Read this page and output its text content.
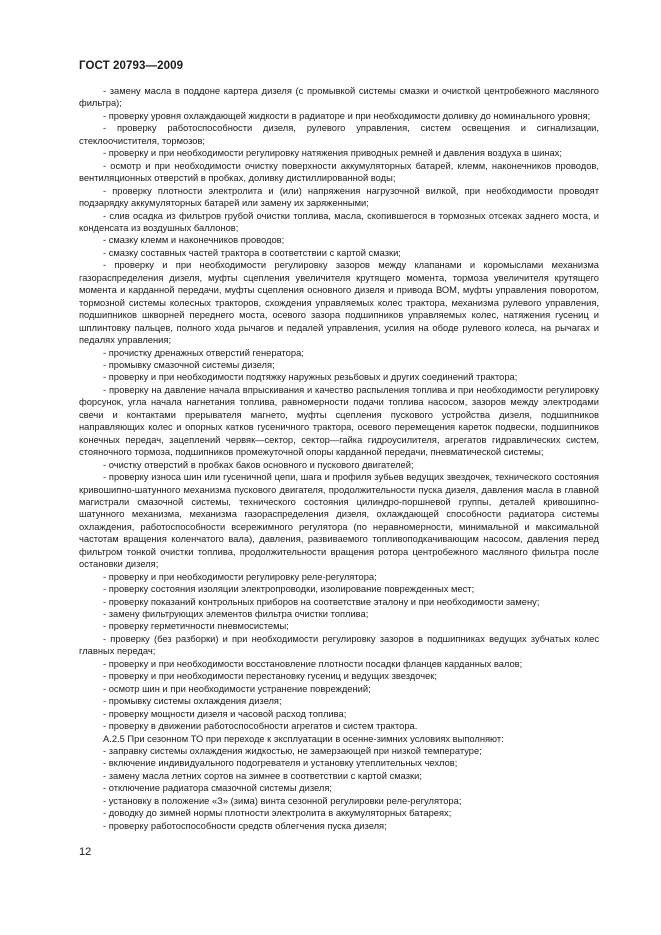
ГОСТ 20793—2009

- замену масла в поддоне картера дизеля (с промывкой системы смазки и очисткой центробежного масляного фильтра);

- проверку уровня охлаждающей жидкости в радиаторе и при необходимости доливку до номинального уровня;

- проверку работоспособности дизеля, рулевого управления, систем освещения и сигнализации, стеклоочистителя, тормозов;

- проверку и при необходимости регулировку натяжения приводных ремней и давления воздуха в шинах;

- осмотр и при необходимости очистку поверхности аккумуляторных батарей, клемм, наконечников проводов, вентиляционных отверстий в пробках, доливку дистиллированной воды;

- проверку плотности электролита и (или) напряжения нагрузочной вилкой, при необходимости проводят подзарядку аккумуляторных батарей или замену их заряженными;

- слив осадка из фильтров грубой очистки топлива, масла, скопившегося в тормозных отсеках заднего моста, и конденсата из воздушных баллонов;

- смазку клемм и наконечников проводов;

- смазку составных частей трактора в соответствии с картой смазки;

- проверку и при необходимости регулировку зазоров между клапанами и коромыслами механизма газораспределения дизеля, муфты сцепления увеличителя крутящего момента, тормоза увеличителя крутящего момента и карданной передачи, муфты сцепления основного дизеля и привода ВОМ, муфты управления поворотом, тормозной системы колесных тракторов, схождения управляемых колес трактора, механизма рулевого управления, подшипников шкворней переднего моста, осевого зазора подшипников управляемых колес, натяжения гусениц и шплинтовку пальцев, полного хода рычагов и педалей управления, усилия на ободе рулевого колеса, на рычагах и педалях управления;

- прочистку дренажных отверстий генератора;

- промывку смазочной системы дизеля;

- проверку и при необходимости подтяжку наружных резьбовых и других соединений трактора;

- проверку на давление начала впрыскивания и качество распыления топлива и при необходимости регулировку форсунок, угла начала нагнетания топлива, равномерности подачи топлива насосом, зазоров между электродами свечи и контактами прерывателя магнето, муфты сцепления пускового устройства дизеля, подшипников направляющих колес и опорных катков гусеничного трактора, осевого перемещения кареток подвески, подшипников конечных передач, зацеплений червяк—сектор, сектор—гайка гидроусилителя, агрегатов гидравлических систем, стояночного тормоза, подшипников промежуточной опоры карданной передачи, пневматической системы;

- очистку отверстий в пробках баков основного и пускового двигателей;

- проверку износа шин или гусеничной цепи, шага и профиля зубьев ведущих звездочек, технического состояния кривошипно-шатунного механизма пускового двигателя, продолжительности пуска дизеля, давления масла в главной магистрали смазочной системы, технического состояния цилиндро-поршневой группы, деталей кривошипно-шатунного механизма, механизма газораспределения дизеля, охлаждающей способности радиатора системы охлаждения, работоспособности всережимного регулятора (по неравномерности, минимальной и максимальной частотам вращения коленчатого вала), давления, развиваемого топливоподкачивающим насосом, давления перед фильтром тонкой очистки топлива, продолжительности вращения ротора центробежного масляного фильтра после остановки дизеля;

- проверку и при необходимости регулировку реле-регулятора;

- проверку состояния изоляции электропроводки, изолирование поврежденных мест;

- проверку показаний контрольных приборов на соответствие эталону и при необходимости замену;

- замену фильтрующих элементов фильтра очистки топлива;

- проверку герметичности пневмосистемы;

- проверку (без разборки) и при необходимости регулировку зазоров в подшипниках ведущих зубчатых колес главных передач;

- проверку и при необходимости восстановление плотности посадки фланцев карданных валов;

- проверку и при необходимости перестановку гусениц и ведущих звездочек;

- осмотр шин и при необходимости устранение повреждений;

- промывку системы охлаждения дизеля;

- проверку мощности дизеля и часовой расход топлива;

- проверку в движении работоспособности агрегатов и систем трактора.

А.2.5 При сезонном ТО при переходе к эксплуатации в осенне-зимних условиях выполняют:

- заправку системы охлаждения жидкостью, не замерзающей при низкой температуре;

- включение индивидуального подогревателя и установку утеплительных чехлов;

- замену масла летних сортов на зимнее в соответствии с картой смазки;

- отключение радиатора смазочной системы дизеля;

- установку в положение «З» (зима) винта сезонной регулировки реле-регулятора;

- доводку до зимней нормы плотности электролита в аккумуляторных батареях;

- проверку работоспособности средств облегчения пуска дизеля;

12
